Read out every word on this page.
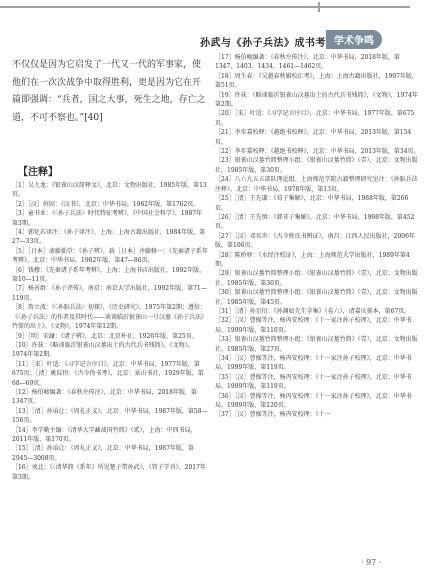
孙武与《孙子兵法》成书考 学术争鸣
不仅仅是因为它启发了一代又一代的军事家，使他们在一次次战争中取得胜利，更是因为它在开篇即强调：“兵者，国之大事，死生之地，存亡之道，不可不察也。”[40]
【注释】

［1］吴九龙：《银雀山汉简释文》，北京：文物出版社，1985年版，第13页。

［2］［汉］班固：《汉书》，北京：中华书局，1962年版，第1762页。

［3］童书业：《〈孙子兵法〉时代特征考辨》，《中国社会科学》，1987年第3期。

［4］郭化若译注：《孙子译注》，上海：上海古籍出版社，1984年版，第27—33页。

［5］［日本］斋藤拙堂：《孙子辨》，载［日本］齐藤修一：《先秦诸子系年考辨》，北京：中华书局，1982年版，第47—86页。

［6］钱穆：《先秦诸子系年考辨》，上海：上海书店出版社，1992年版，第10—11页。

［7］杨善群：《孙子评传》，南京：南京大学出版社，1992年版，第71—119页。

［8］詹立波：《〈孙膑兵法〉初探》，《历史研究》，1975年第2期；遵信：《〈孙子兵法〉的作者及其时代——谈谈临沂银雀山一号汉墓《孙子兵法》竹简的出土》，《文物》，1974年第12期。

［9］［明］宋濂：《诸子辨》，北京：北京朴社，1926年版，第25页。

［10］许荻：《略谈临沂银雀山汉墓出土的古代兵书残简》，《文物》，1974年第2期。

［11］［宋］叶适：《习学记言序目》，北京：中华书局，1977年版，第675页；［清］姚际恒：《古今伪书考》，北京：景山书社，1929年版，第68—69页。

［12］杨伯峻编著：《春秋左传注》，北京：中华书局，2018年版，第1347页。

［13］［清］孙诒让：《周礼正义》，北京：中华书局，1987年版，第58—156页。

［14］李学勤主编：《清华大学藏战国竹简》（贰），上海：中西书局，2011年版，第170页。

［15］［清］孙诒让：《周礼正义》，北京：中华书局，1987年版，第2945—3008页。

［16］刘北：《〈清华简《系年》所见楚子带孙武》，《管子学刊》，2017年第3期。

［17］杨伯峻编著：《春秋左传注》，北京：中华书局，2018年版，第1347、1403、1434、1461—1462页。

［18］周生春：《吴越春秋辑校汇考》，上海：上海古籍出版社，1997年版，第51页。

［19］许荻：《略谈临沂银雀山汉墓出土的古代兵书残简》，《文物》，1974年第2期。

［20］［宋］叶适：《习学记言序目》，北京：中华书局，1977年版，第675页。

［21］李步嘉校释：《越绝书校释》，北京：中华书局，2013年版，第154页。

［22］李步嘉校释：《越绝书校释》，北京：中华书局，2013年版，第34页。

［23］银雀山汉墓竹简整理小组：《银雀山汉墓竹简》（壹），北京：文物出版社，1985年版，第30页。

［24］八六九五五部队理论组、上海师范学院古籍整理研究室注：《孙膑兵法注释》，北京：中华书局，1978年版，第13页。

［25］［清］王先谦：《荀子集解》，北京：中华书局，1988年版，第266页。

［26］［清］王先慎：《韩非子集解》，北京：中华书局，1998年版，第452页。

［27］［汉］邓名世：《古今姓氏书辨证》，南昌：江西人民出版社，2006年版，第106页。

［28］陈桥驿：《水经注校证》，上海：上海师范大学出版社，1989年第4期。

［29］银雀山汉墓竹简整理小组：《银雀山汉墓竹简》（壹），北京：文物出版社，1985年版，第30页。

［30］银雀山汉墓竹简整理小组：《银雀山汉墓竹简》（壹），北京：文物出版社，1985年版，第45页。

［31］［清］孙星衍：《孙渊如先生全集》（卷六），清嘉庆刻本，第67页。

［32］［汉］曹操等注，杨丙安校理：《十一家注孙子校理》，北京：中华书局，1999年版，第110页。

［33］银雀山汉墓竹简整理小组：《银雀山汉墓竹简》（壹），北京：文物出版社，1985年版，第27页。

［34］［汉］曹操等注，杨丙安校理：《十一家注孙子校理》，北京：中华书局，1999年版，第119页。

［35］［汉］曹操等注，杨丙安校理：《十一家注孙子校理》，北京：中华书局，1999年版，第119页。

［36］［汉］曹操等注，杨丙安校理：《十一家注孙子校理》，北京：中华书局，1999年版，第120页。

［37］［汉］曹操等注，杨丙安校理：《十一

· 97 ·
